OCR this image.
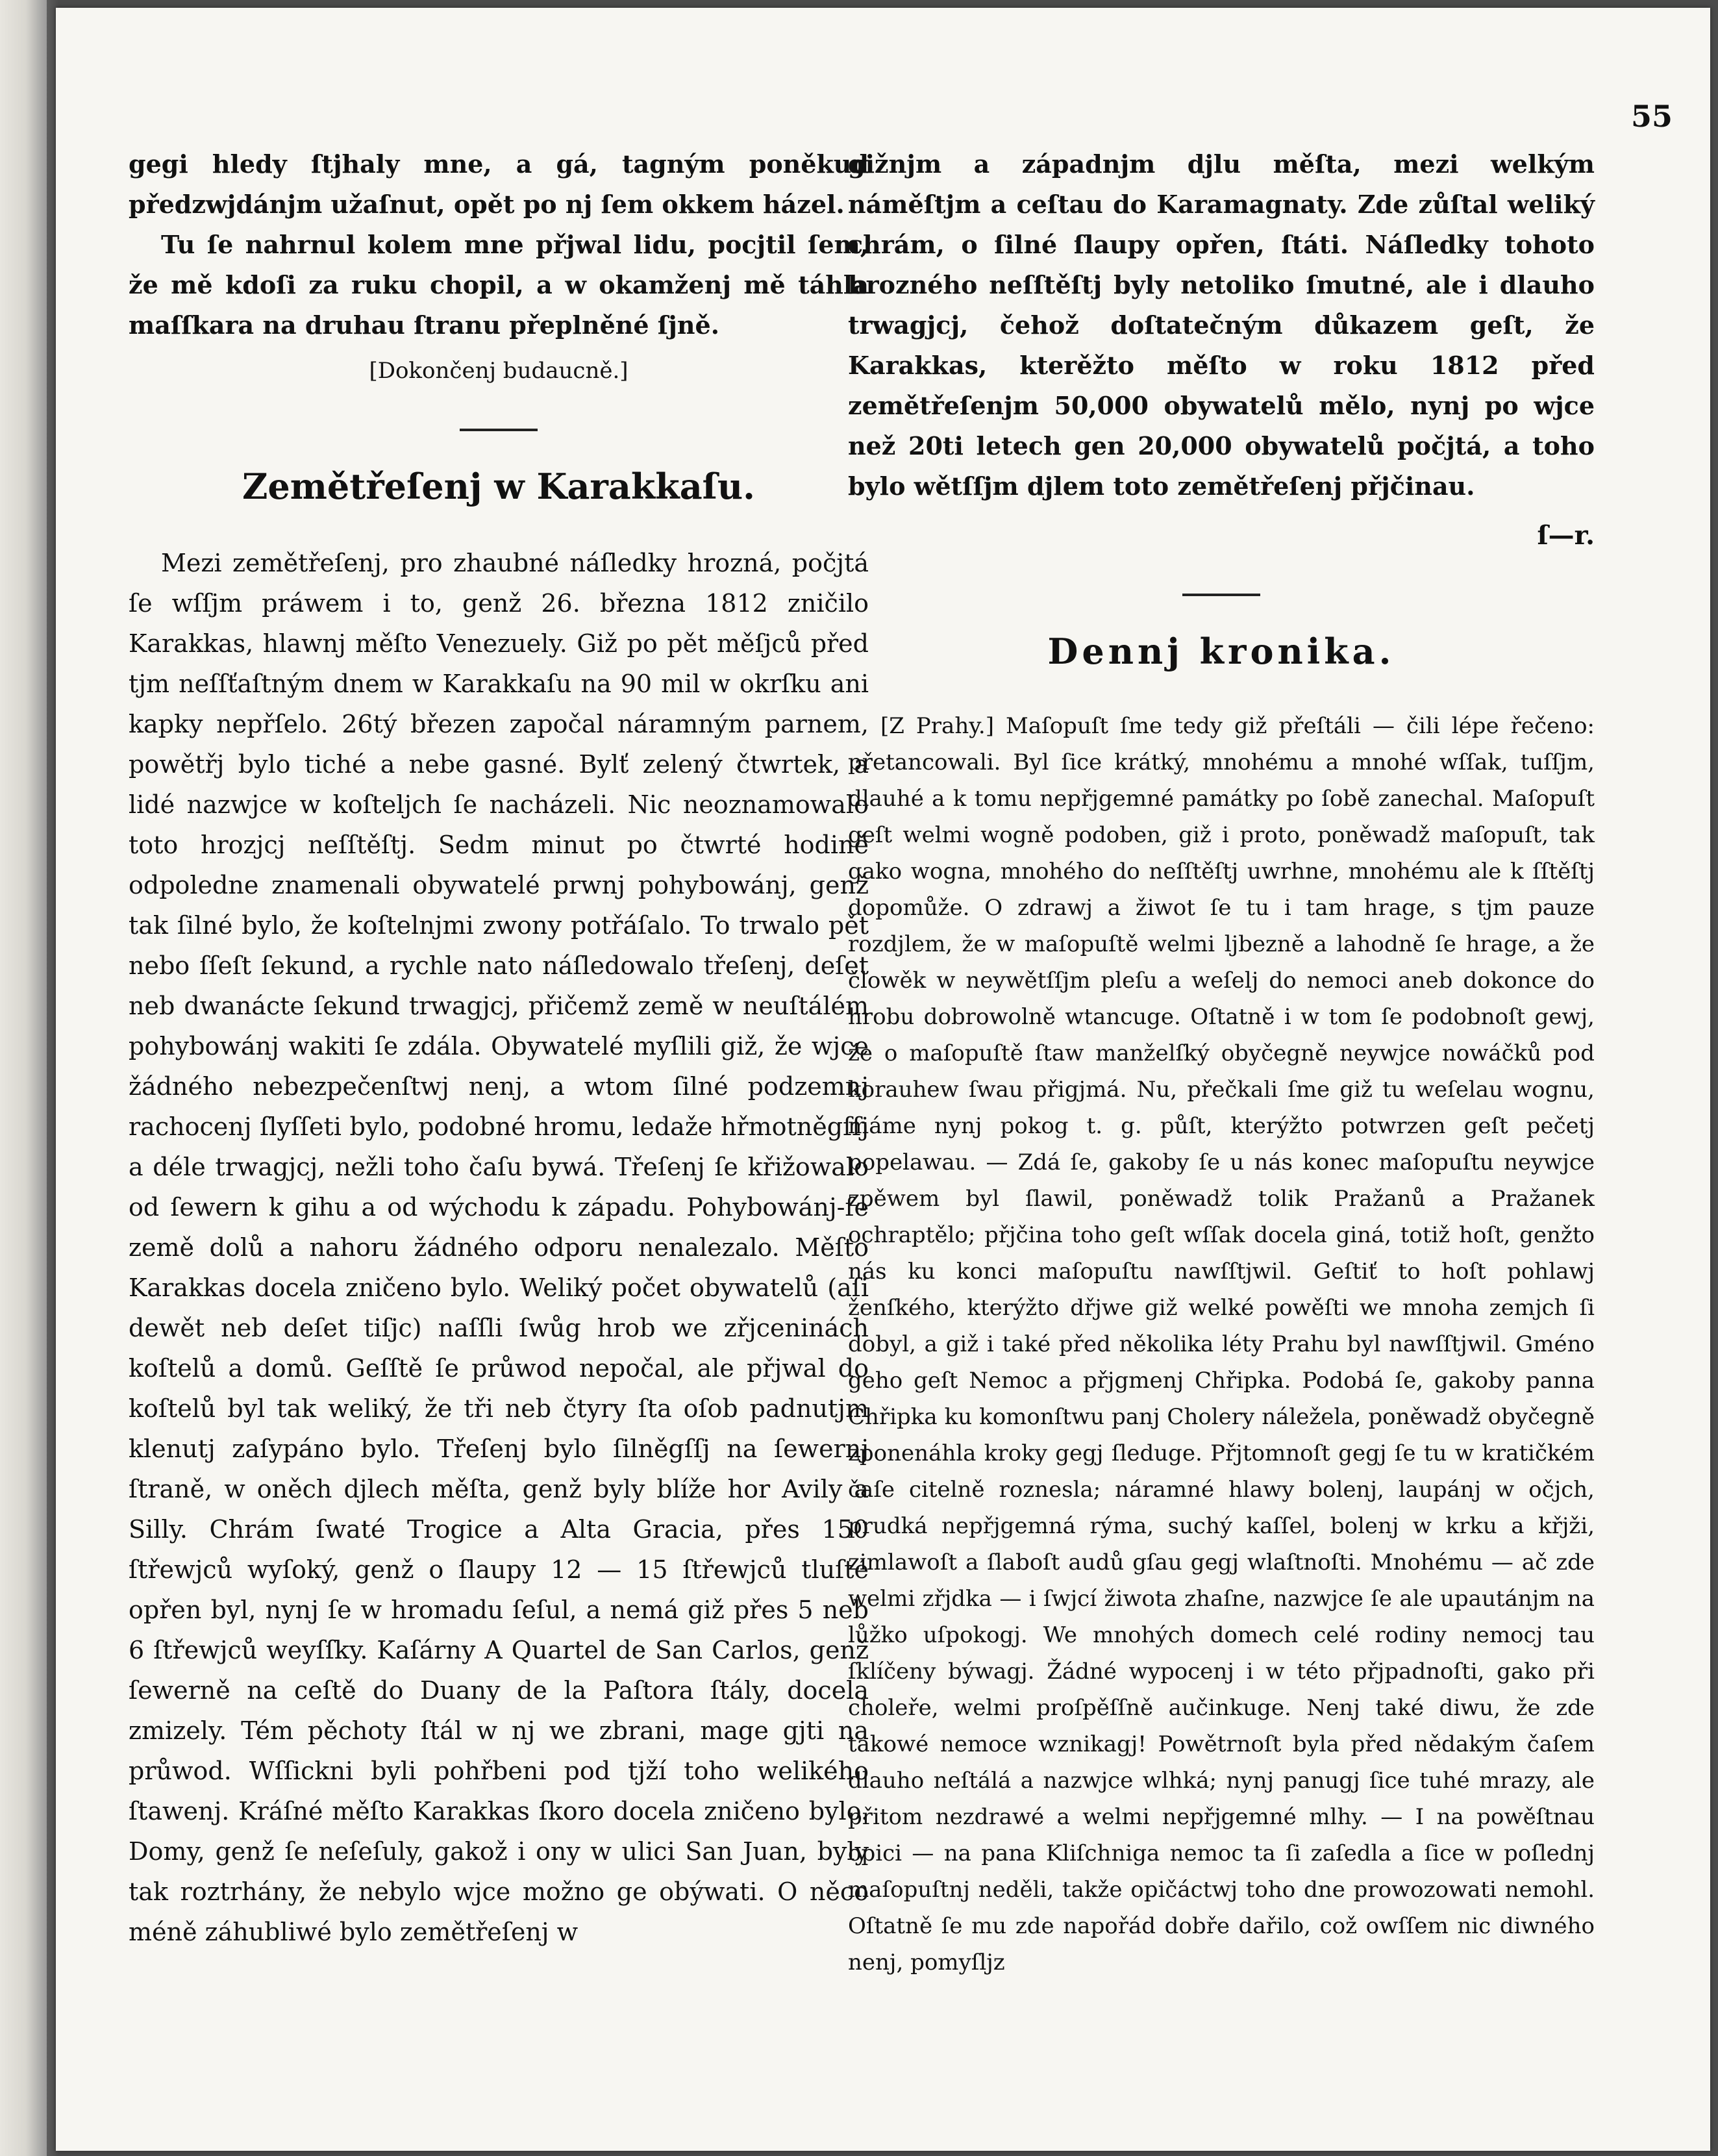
55

gegi hledy ſtjhaly mne, a gá, tagným poněkud předzwjdánjm užaſnut, opět po nj ſem okkem házel.

Tu ſe nahrnul kolem mne přjwal lidu, pocjtil ſem, že mě kdoſi za ruku chopil, a w okamženj mě táhla maſſkara na druhau ſtranu přeplněné ſjně.

[Dokončenj budaucně.]
Zemětřeſenj w Karakkaſu.

Mezi zemětřeſenj, pro zhaubné náſledky hrozná, počjtá ſe wſſjm práwem i to, genž 26. března 1812 zničilo Karakkas, hlawnj měſto Venezuely. Giž po pět měſjců před tjm neſſťaſtným dnem w Karakkaſu na 90 mil w okrſku ani kapky nepřſelo. 26tý březen započal náramným parnem, powětřj bylo tiché a nebe gasné. Bylť zelený čtwrtek, a lidé nazwjce w koſteljch ſe nacházeli. Nic neoznamowalo toto hrozjcj neſſtěſtj. Sedm minut po čtwrté hodině odpoledne znamenali obywatelé prwnj pohybowánj, genž tak ſilné bylo, že koſtelnjmi zwony potřáſalo. To trwalo pět nebo ſſeſt ſekund, a rychle nato náſledowalo třeſenj, deſet neb dwanácte ſekund trwagjcj, přičemž země w neuſtálém pohybowánj wakiti ſe zdála. Obywatelé myſlili giž, že wjce žádného nebezpečenſtwj nenj, a wtom ſilné podzemnj rachocenj ſlyſſeti bylo, podobné hromu, ledaže hřmotněgſſj a déle trwagjcj, nežli toho čaſu bywá. Třeſenj ſe křižowalo od ſewern k gihu a od wýchodu k západu. Pohybowánj-ſe země dolů a nahoru žádného odporu nenalezalo. Měſto Karakkas docela zničeno bylo. Weliký počet obywatelů (aſi dewět neb deſet tiſjc) naſſli ſwůg hrob we zřjceninách koſtelů a domů. Geſſtě ſe průwod nepočal, ale přjwal do koſtelů byl tak weliký, že tři neb čtyry ſta oſob padnutjm klenutj zaſypáno bylo. Třeſenj bylo ſilněgſſj na ſewernj ſtraně, w oněch djlech měſta, genž byly blíže hor Avily a Silly. Chrám ſwaté Trogice a Alta Gracia, přes 150 ſtřewjců wyſoký, genž o ſlaupy 12 — 15 ſtřewjců tluſté opřen byl, nynj ſe w hromadu ſeſul, a nemá giž přes 5 neb 6 ſtřewjců weyſſky. Kaſárny A Quartel de San Carlos, genž ſewerně na ceſtě do Duany de la Paſtora ſtály, docela zmizely. Tém pěchoty ſtál w nj we zbrani, mage gjti na průwod. Wſſickni byli pohřbeni pod tjží toho welikého ſtawenj. Kráſné měſto Karakkas ſkoro docela zničeno bylo. Domy, genž ſe neſeſuly, gakož i ony w ulici San Juan, byly tak roztrhány, že nebylo wjce možno ge obýwati. O něco méně záhubliwé bylo zemětřeſenj w

gižnjm a západnjm djlu měſta, mezi welkým náměſtjm a ceſtau do Karamagnaty. Zde zůſtal weliký chrám, o ſilné ſlaupy opřen, ſtáti. Náſledky tohoto hrozného neſſtěſtj byly netoliko ſmutné, ale i dlauho trwagjcj, čehož doſtatečným důkazem geſt, že Karakkas, kterěžto měſto w roku 1812 před zemětřeſenjm 50,000 obywatelů mělo, nynj po wjce než 20ti letech gen 20,000 obywatelů počjtá, a toho bylo wětſſjm djlem toto zemětřeſenj přjčinau.

ſ—r.
Dennj kronika.

[Z Prahy.] Maſopuſt ſme tedy giž přeſtáli — čili lépe řečeno: přetancowali. Byl ſice krátký, mnohému a mnohé wſſak, tuſſjm, dlauhé a k tomu nepřjgemné památky po ſobě zanechal. Maſopuſt geſt welmi wogně podoben, giž i proto, poněwadž maſopuſt, tak gako wogna, mnohého do neſſtěſtj uwrhne, mnohému ale k ſſtěſtj dopomůže. O zdrawj a žiwot ſe tu i tam hrage, s tjm pauze rozdjlem, že w maſopuſtě welmi ljbezně a lahodně ſe hrage, a že člowěk w neywětſſjm pleſu a weſelj do nemoci aneb dokonce do hrobu dobrowolně wtancuge. Oſtatně i w tom ſe podobnoſt gewj, že o maſopuſtě ſtaw manželſký obyčegně neywjce nowáčků pod korauhew ſwau přigjmá. Nu, přečkali ſme giž tu weſelau wognu, máme nynj pokog t. g. půſt, kterýžto potwrzen geſt pečetj popelawau. — Zdá ſe, gakoby ſe u nás konec maſopuſtu neywjce zpěwem byl ſlawil, poněwadž tolik Pražanů a Pražanek ochraptělo; přjčina toho geſt wſſak docela giná, totiž hoſt, genžto nás ku konci maſopuſtu nawſſtjwil. Geſtiť to hoſt pohlawj ženſkého, kterýžto dřjwe giž welké powěſti we mnoha zemjch ſi dobyl, a giž i také před několika léty Prahu byl nawſſtjwil. Gméno geho geſt Nemoc a přjgmenj Chřipka. Podobá ſe, gakoby panna Chřipka ku komonſtwu panj Cholery náležela, poněwadž obyčegně zponenáhla kroky gegj ſleduge. Přjtomnoſt gegj ſe tu w kratičkém čaſe citelně roznesla; náramné hlawy bolenj, laupánj w očjch, prudká nepřjgemná rýma, suchý kaſſel, bolenj w krku a křjži, zimlawoſt a ſlaboſt audů gſau gegj wlaſtnoſti. Mnohému — ač zde welmi zřjdka — i ſwjcí žiwota zhaſne, nazwjce ſe ale upautánjm na lůžko uſpokogj. We mnohých domech celé rodiny nemocj tau ſklíčeny býwagj. Žádné wypocenj i w této přjpadnoſti, gako při choleře, welmi proſpěſſně aučinkuge. Nenj také diwu, že zde takowé nemoce wznikagj! Powětrnoſt byla před nědakým čaſem dlauho neſtálá a nazwjce wlhká; nynj panugj ſice tuhé mrazy, ale přitom nezdrawé a welmi nepřjgemné mlhy. — I na powěſtnau opici — na pana Kliſchniga nemoc ta ſi zaſedla a ſice w poſlednj maſopuſtnj neděli, takže opičáctwj toho dne prowozowati nemohl. Oſtatně ſe mu zde napořád dobře dařilo, což owſſem nic diwného nenj, pomyſljz
